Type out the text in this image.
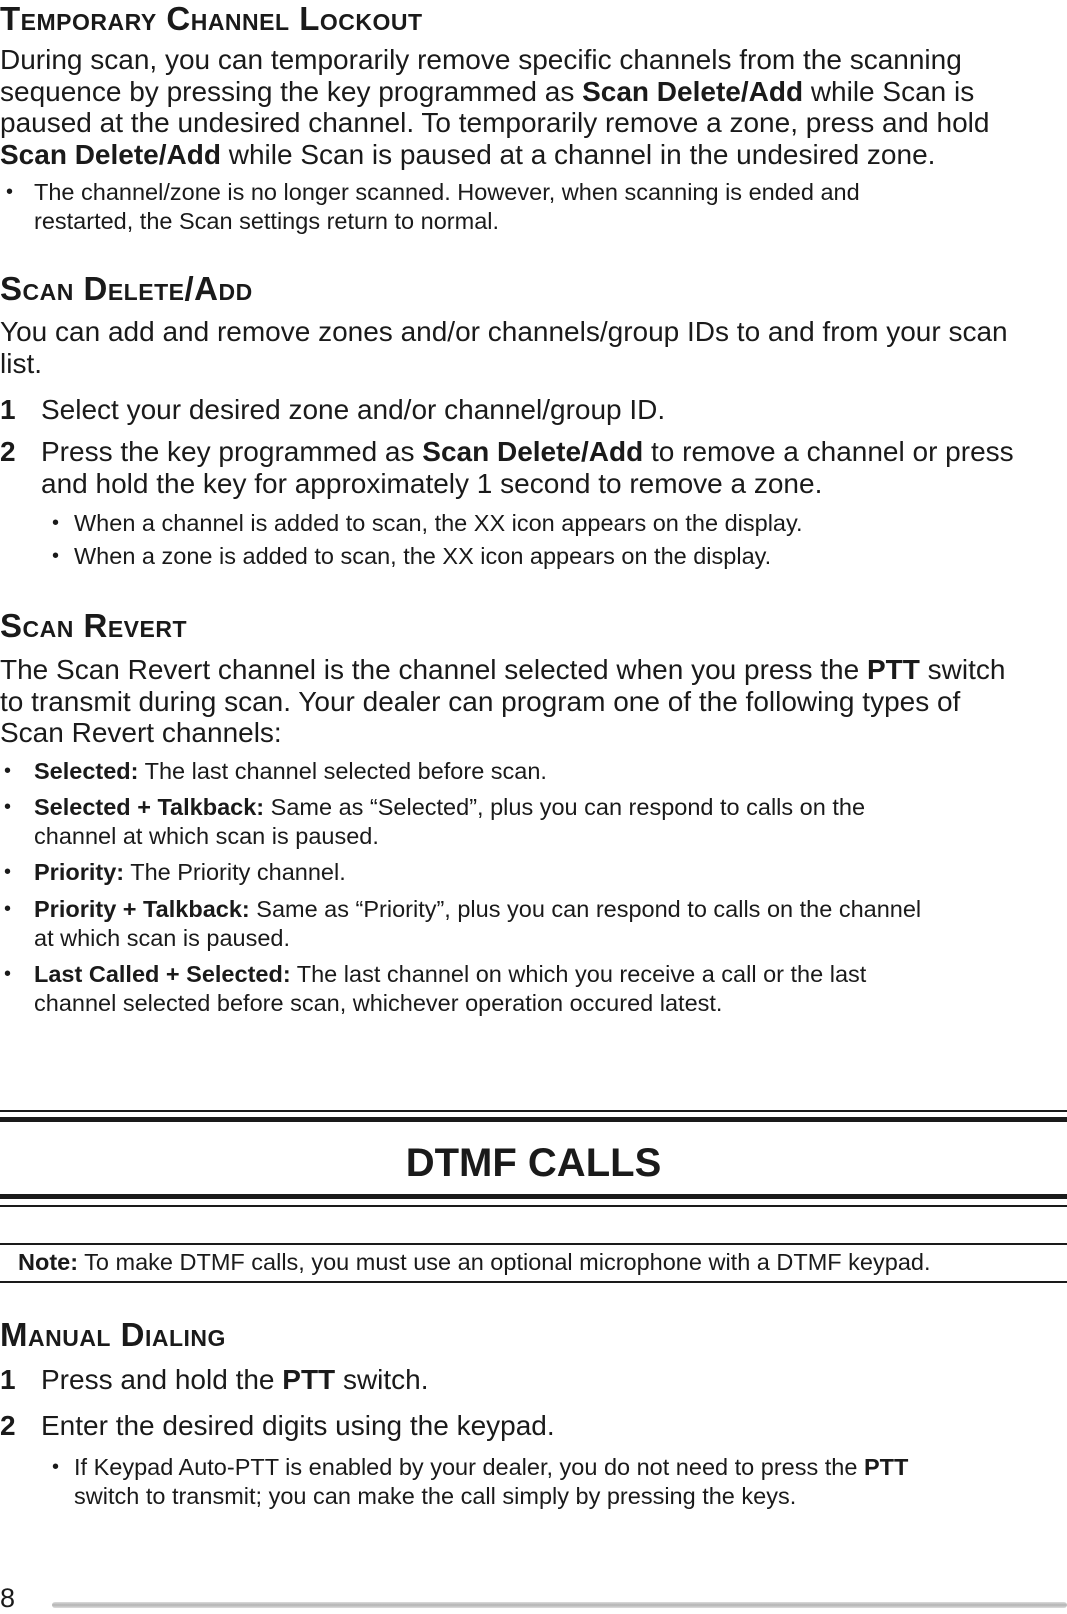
Temporary Channel Lockout
During scan, you can temporarily remove specific channels from the scanning
sequence by pressing the key programmed as Scan Delete/Add while Scan is
paused at the undesired channel. To temporarily remove a zone, press and hold
Scan Delete/Add while Scan is paused at a channel in the undesired zone.
• The channel/zone is no longer scanned. However, when scanning is ended and
restarted, the Scan settings return to normal.
Scan Delete/Add
You can add and remove zones and/or channels/group IDs to and from your scan
list.
1 Select your desired zone and/or channel/group ID.
2 Press the key programmed as Scan Delete/Add to remove a channel or press
and hold the key for approximately 1 second to remove a zone.
• When a channel is added to scan, the XX icon appears on the display.
• When a zone is added to scan, the XX icon appears on the display.
Scan Revert
The Scan Revert channel is the channel selected when you press the PTT switch
to transmit during scan. Your dealer can program one of the following types of
Scan Revert channels:
• Selected: The last channel selected before scan.
• Selected + Talkback: Same as “Selected”, plus you can respond to calls on the
channel at which scan is paused.
• Priority: The Priority channel.
• Priority + Talkback: Same as “Priority”, plus you can respond to calls on the channel
at which scan is paused.
• Last Called + Selected: The last channel on which you receive a call or the last
channel selected before scan, whichever operation occured latest.
DTMF CALLS
Note: To make DTMF calls, you must use an optional microphone with a DTMF keypad.
Manual Dialing
1 Press and hold the PTT switch.
2 Enter the desired digits using the keypad.
• If Keypad Auto-PTT is enabled by your dealer, you do not need to press the PTT
switch to transmit; you can make the call simply by pressing the keys.
8
